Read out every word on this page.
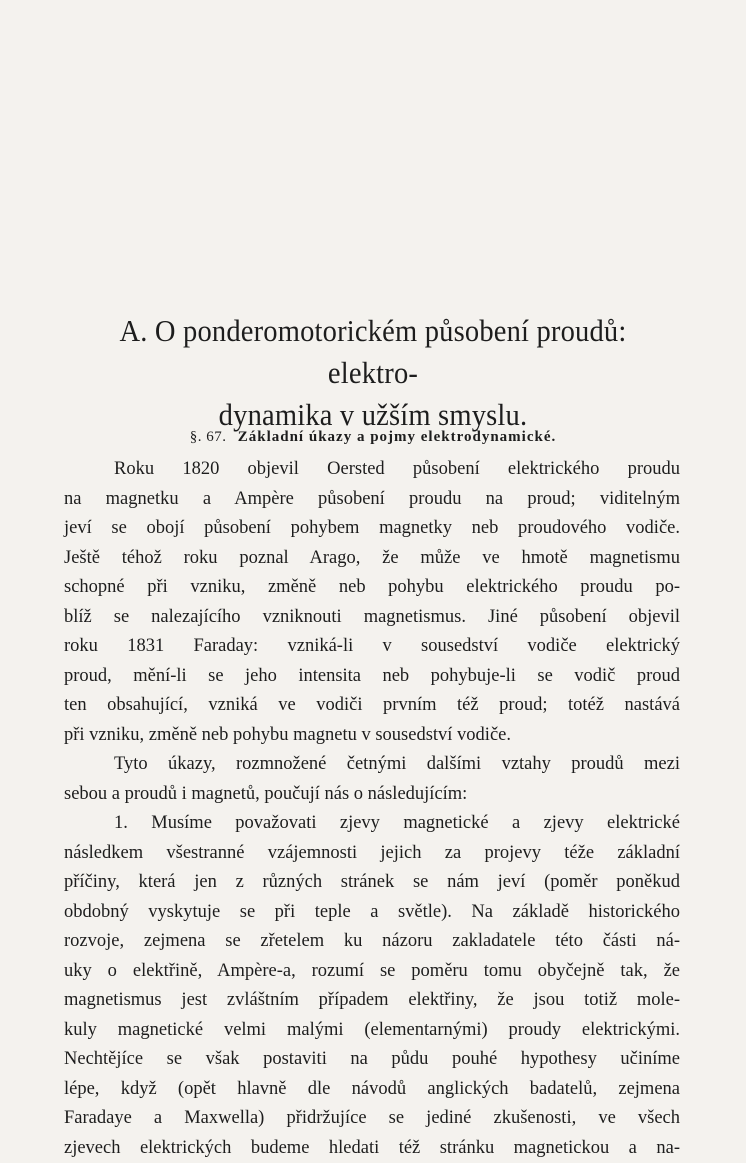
A. O ponderomotorickém působení proudů: elektro-
dynamika v užším smyslu.
§. 67. Základní úkazy a pojmy elektrodynamické.
Roku 1820 objevil Oersted působení elektrického proudu
na magnetku a Ampère působení proudu na proud; viditelným
jeví se obojí působení pohybem magnetky neb proudového vodiče.
Ještě téhož roku poznal Arago, že může ve hmotě magnetismu
schopné při vzniku, změně neb pohybu elektrického proudu po-
blíž se nalezajícího vzniknouti magnetismus. Jiné působení objevil
roku 1831 Faraday: vzniká-li v sousedství vodiče elektrický
proud, mění-li se jeho intensita neb pohybuje-li se vodič proud
ten obsahující, vzniká ve vodiči prvním též proud; totéž nastává
při vzniku, změně neb pohybu magnetu v sousedství vodiče.
Tyto úkazy, rozmnožené četnými dalšími vztahy proudů mezi
sebou a proudů i magnetů, poučují nás o následujícím:
1. Musíme považovati zjevy magnetické a zjevy elektrické
následkem všestranné vzájemnosti jejich za projevy téže základní
příčiny, která jen z různých stránek se nám jeví (poměr poněkud
obdobný vyskytuje se při teple a světle). Na základě historického
rozvoje, zejmena se zřetelem ku názoru zakladatele této části ná-
uky o elektřině, Ampère-a, rozumí se poměru tomu obyčejně tak, že
magnetismus jest zvláštním případem elektřiny, že jsou totiž mole-
kuly magnetické velmi malými (elementarnými) proudy elektrickými.
Nechtějíce se však postaviti na půdu pouhé hypothesy učiníme
lépe, když (opět hlavně dle návodů anglických badatelů, zejmena
Faradaye a Maxwella) přidržujíce se jediné zkušenosti, ve všech
zjevech elektrických budeme hledati též stránku magnetickou a na-
